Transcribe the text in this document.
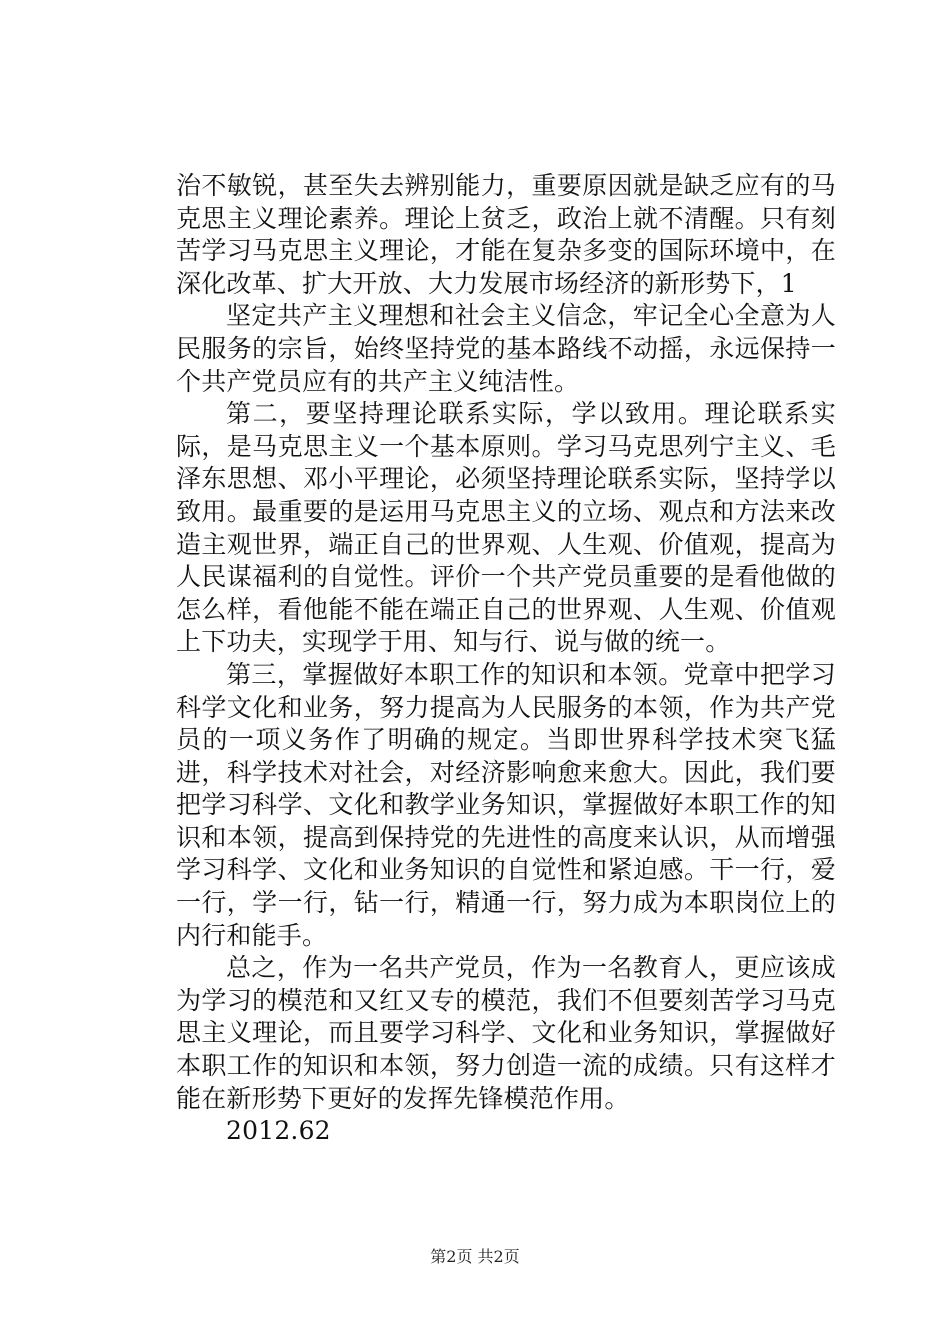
治不敏锐，甚至失去辨别能力，重要原因就是缺乏应有的马克思主义理论素养。理论上贫乏，政治上就不清醒。只有刻苦学习马克思主义理论，才能在复杂多变的国际环境中，在深化改革、扩大开放、大力发展市场经济的新形势下，1

坚定共产主义理想和社会主义信念，牢记全心全意为人民服务的宗旨，始终坚持党的基本路线不动摇，永远保持一个共产党员应有的共产主义纯洁性。

第二，要坚持理论联系实际，学以致用。理论联系实际，是马克思主义一个基本原则。学习马克思列宁主义、毛泽东思想、邓小平理论，必须坚持理论联系实际，坚持学以致用。最重要的是运用马克思主义的立场、观点和方法来改造主观世界，端正自己的世界观、人生观、价值观，提高为人民谋福利的自觉性。评价一个共产党员重要的是看他做的怎么样，看他能不能在端正自己的世界观、人生观、价值观上下功夫，实现学于用、知与行、说与做的统一。

第三，掌握做好本职工作的知识和本领。党章中把学习科学文化和业务，努力提高为人民服务的本领，作为共产党员的一项义务作了明确的规定。当即世界科学技术突飞猛进，科学技术对社会，对经济影响愈来愈大。因此，我们要把学习科学、文化和教学业务知识，掌握做好本职工作的知识和本领，提高到保持党的先进性的高度来认识，从而增强学习科学、文化和业务知识的自觉性和紧迫感。干一行，爱一行，学一行，钻一行，精通一行，努力成为本职岗位上的内行和能手。

总之，作为一名共产党员，作为一名教育人，更应该成为学习的模范和又红又专的模范，我们不但要刻苦学习马克思主义理论，而且要学习科学、文化和业务知识，掌握做好本职工作的知识和本领，努力创造一流的成绩。只有这样才能在新形势下更好的发挥先锋模范作用。

2012.62

第2页 共2页
